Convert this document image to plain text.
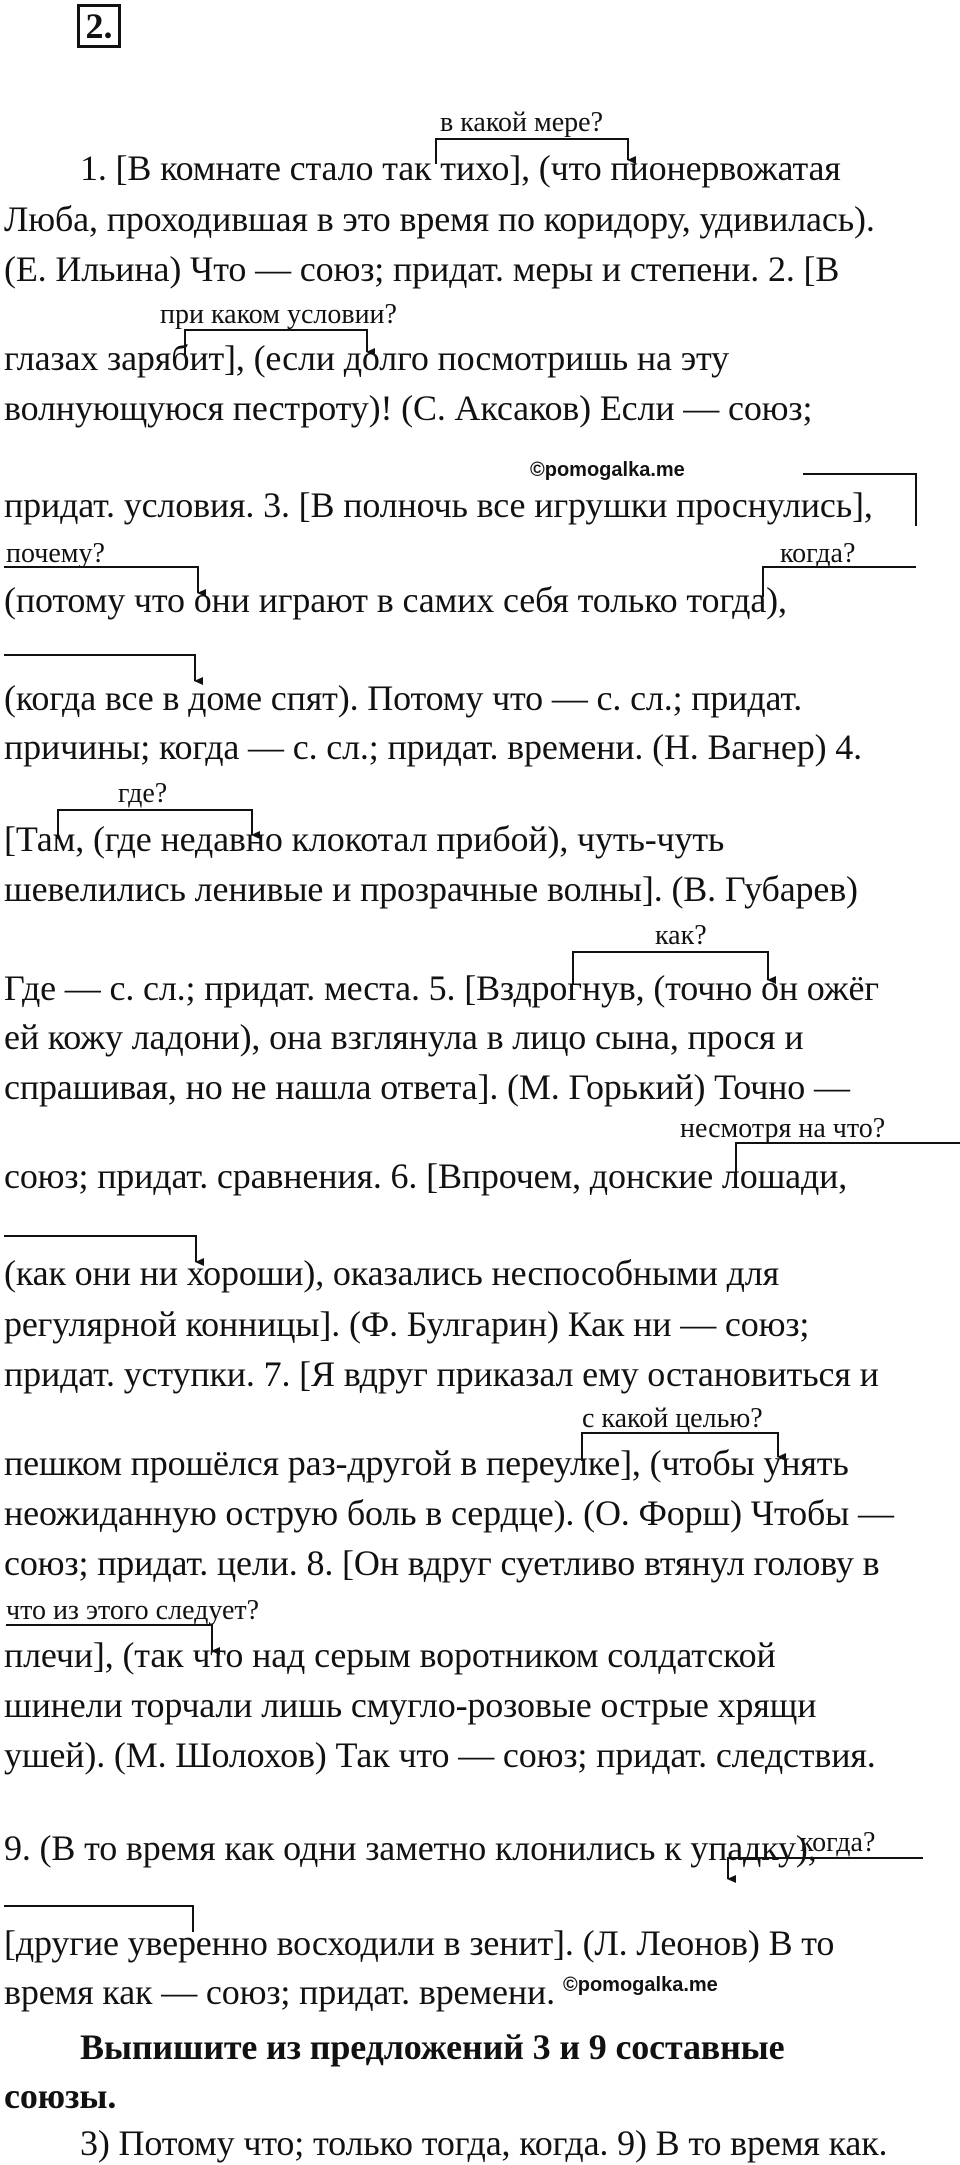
2.
в какой мере?
при каком условии?
почему?	когда?
где?
как?
несмотря на что?
с какой целью?
что из этого следует?
когда?
1. [В комнате стало так тихо], (что пионервожатая
Люба, проходившая в это время по коридору, удивилась).
(Е. Ильина) Что — союз; придат. меры и степени. 2. [В
глазах зарябит], (если долго посмотришь на эту
волнующуюся пестроту)! (С. Аксаков) Если — союз;
придат. условия. 3. [В полночь все игрушки проснулись],
(потому что они играют в самих себя только тогда),
(когда все в доме спят). Потому что — с. сл.; придат.
причины; когда — с. сл.; придат. времени. (Н. Вагнер) 4.
[Там, (где недавно клокотал прибой), чуть-чуть
шевелились ленивые и прозрачные волны]. (В. Губарев)
Где — с. сл.; придат. места. 5. [Вздрогнув, (точно он ожёг
ей кожу ладони), она взглянула в лицо сына, прося и
спрашивая, но не нашла ответа]. (М. Горький) Точно —
союз; придат. сравнения. 6. [Впрочем, донские лошади,
(как они ни хороши), оказались неспособными для
регулярной конницы]. (Ф. Булгарин) Как ни — союз;
придат. уступки. 7. [Я вдруг приказал ему остановиться и
пешком прошёлся раз-другой в переулке], (чтобы унять
неожиданную острую боль в сердце). (О. Форш) Чтобы —
союз; придат. цели. 8. [Он вдруг суетливо втянул голову в
плечи], (так что над серым воротником солдатской
шинели торчали лишь смугло-розовые острые хрящи
ушей). (М. Шолохов) Так что — союз; придат. следствия.
9. (В то время как одни заметно клонились к упадку),
[другие уверенно восходили в зенит]. (Л. Леонов) В то
время как — союз; придат. времени.
Выпишите из предложений 3 и 9 составные
союзы.
3) Потому что; только тогда, когда. 9) В то время как.
©pomogalka.me
©pomogalka.me
